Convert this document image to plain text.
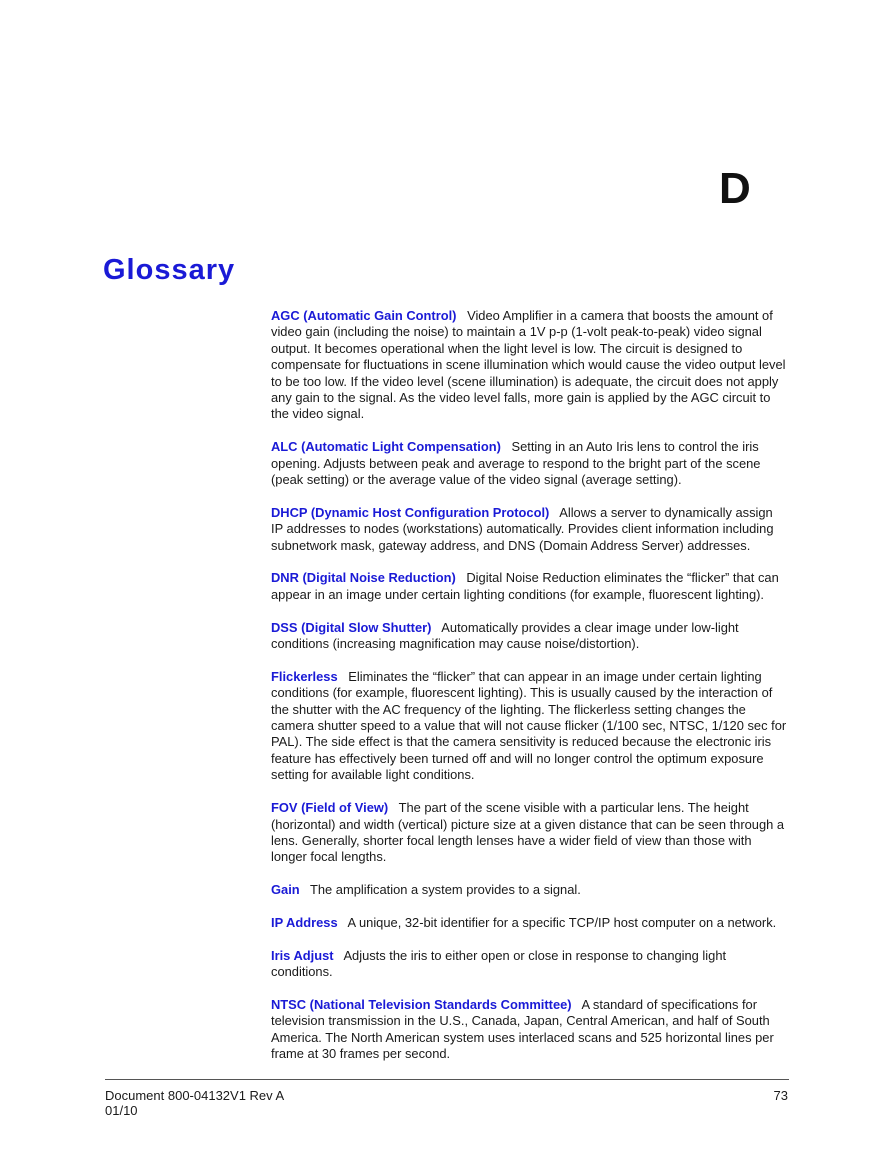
D
Glossary

AGC (Automatic Gain Control) Video Amplifier in a camera that boosts the amount of video gain (including the noise) to maintain a 1V p-p (1-volt peak-to-peak) video signal output. It becomes operational when the light level is low. The circuit is designed to compensate for fluctuations in scene illumination which would cause the video output level to be too low. If the video level (scene illumination) is adequate, the circuit does not apply any gain to the signal. As the video level falls, more gain is applied by the AGC circuit to the video signal.

ALC (Automatic Light Compensation) Setting in an Auto Iris lens to control the iris opening. Adjusts between peak and average to respond to the bright part of the scene (peak setting) or the average value of the video signal (average setting).

DHCP (Dynamic Host Configuration Protocol) Allows a server to dynamically assign IP addresses to nodes (workstations) automatically. Provides client information including subnetwork mask, gateway address, and DNS (Domain Address Server) addresses.

DNR (Digital Noise Reduction) Digital Noise Reduction eliminates the “flicker” that can appear in an image under certain lighting conditions (for example, fluorescent lighting).

DSS (Digital Slow Shutter) Automatically provides a clear image under low-light conditions (increasing magnification may cause noise/distortion).

Flickerless Eliminates the “flicker” that can appear in an image under certain lighting conditions (for example, fluorescent lighting). This is usually caused by the interaction of the shutter with the AC frequency of the lighting. The flickerless setting changes the camera shutter speed to a value that will not cause flicker (1/100 sec, NTSC, 1/120 sec for PAL). The side effect is that the camera sensitivity is reduced because the electronic iris feature has effectively been turned off and will no longer control the optimum exposure setting for available light conditions.

FOV (Field of View) The part of the scene visible with a particular lens. The height (horizontal) and width (vertical) picture size at a given distance that can be seen through a lens. Generally, shorter focal length lenses have a wider field of view than those with longer focal lengths.

Gain The amplification a system provides to a signal.

IP Address A unique, 32-bit identifier for a specific TCP/IP host computer on a network.

Iris Adjust Adjusts the iris to either open or close in response to changing light conditions.

NTSC (National Television Standards Committee) A standard of specifications for television transmission in the U.S., Canada, Japan, Central American, and half of South America. The North American system uses interlaced scans and 525 horizontal lines per frame at 30 frames per second.

Document 800-04132V1 Rev A
01/10
73
